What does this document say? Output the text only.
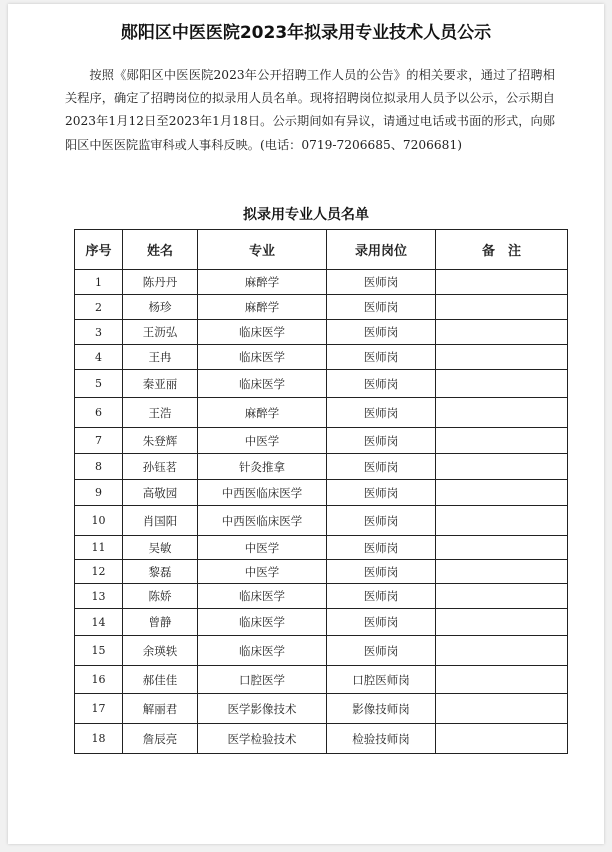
郧阳区中医医院2023年拟录用专业技术人员公示

按照《郧阳区中医医院2023年公开招聘工作人员的公告》的相关要求，通过了招聘相关程序，确定了招聘岗位的拟录用人员名单。现将招聘岗位拟录用人员予以公示，公示期自2023年1月12日至2023年1月18日。公示期间如有异议，请通过电话或书面的形式，向郧阳区中医医院监审科或人事科反映。(电话：0719-7206685、7206681)

拟录用专业人员名单
序号	姓名	专业	录用岗位	备　注
1	陈丹丹	麻醉学	医师岗	
2	杨珍	麻醉学	医师岗	
3	王沥弘	临床医学	医师岗	
4	王冉	临床医学	医师岗	
5	秦亚丽	临床医学	医师岗	
6	王浩	麻醉学	医师岗	
7	朱登辉	中医学	医师岗	
8	孙钰茗	针灸推拿	医师岗	
9	高敬园	中西医临床医学	医师岗	
10	肖国阳	中西医临床医学	医师岗	
11	吴敏	中医学	医师岗	
12	黎磊	中医学	医师岗	
13	陈娇	临床医学	医师岗	
14	曾静	临床医学	医师岗	
15	余瑛轶	临床医学	医师岗	
16	郝佳佳	口腔医学	口腔医师岗	
17	解丽君	医学影像技术	影像技师岗	
18	詹辰亮	医学检验技术	检验技师岗	
